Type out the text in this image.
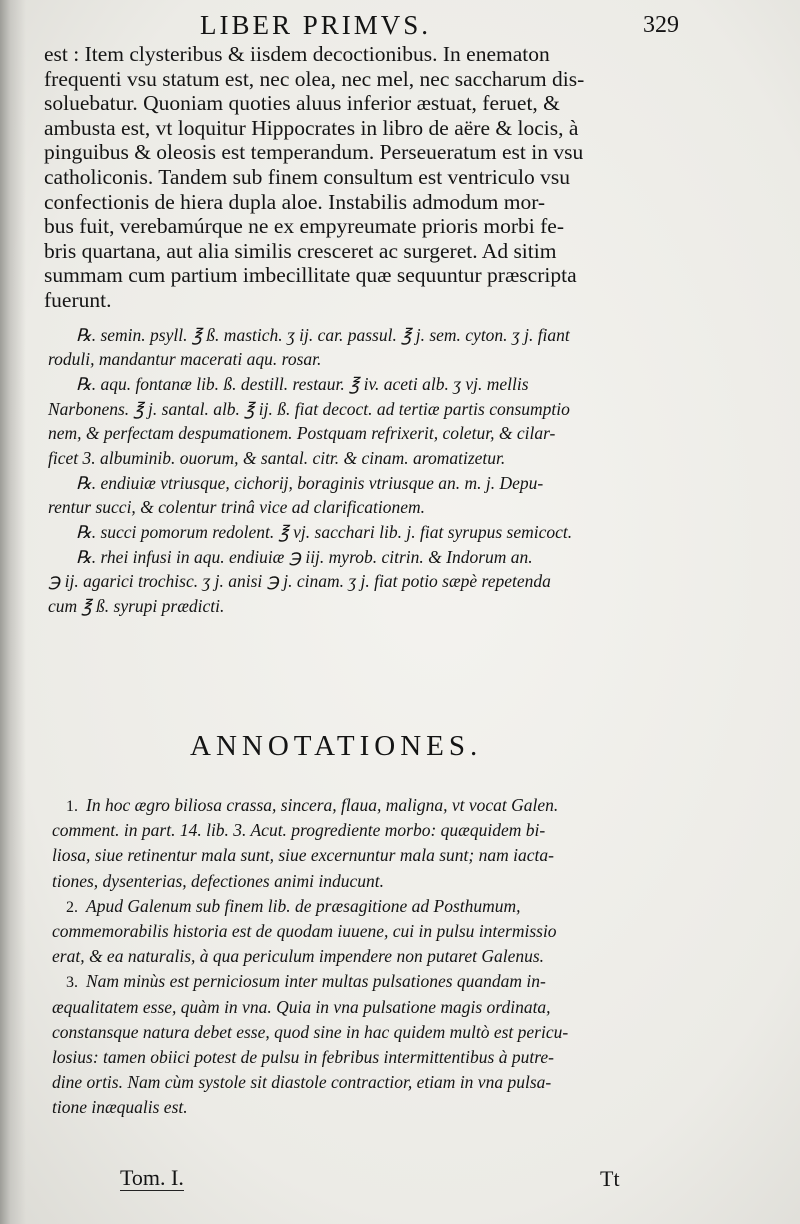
LIBER PRIMVS.	329
est : Item clysteribus & iisdem decoctionibus. In enematon
frequenti vsu statum est, nec olea, nec mel, nec saccharum dis-
soluebatur. Quoniam quoties aluus inferior æstuat, feruet, &
ambusta est, vt loquitur Hippocrates in libro de aëre & locis, à
pinguibus & oleosis est temperandum. Perseueratum est in vsu
catholiconis. Tandem sub finem consultum est ventriculo vsu
confectionis de hiera dupla aloe. Instabilis admodum mor-
bus fuit, verebamúrque ne ex empyreumate prioris morbi fe-
bris quartana, aut alia similis cresceret ac surgeret. Ad sitim
summam cum partium imbecillitate quæ sequuntur præscripta
fuerunt.
℞. semin. psyll. ℥ ß. mastich. ʒ ij. car. passul. ℥ j. sem. cyton. ʒ j. fiant
roduli, mandantur macerati aqu. rosar.
℞. aqu. fontanæ lib. ß. destill. restaur. ℥ iv. aceti alb. ʒ vj. mellis
Narbonens. ℥ j. santal. alb. ℥ ij. ß. fiat decoct. ad tertiæ partis consumptio
nem, & perfectam despumationem. Postquam refrixerit, coletur, & cilar-
ficet 3. albuminib. ouorum, & santal. citr. & cinam. aromatizetur.
℞. endiuiæ vtriusque, cichorij, boraginis vtriusque an. m. j. Depu-
rentur succi, & colentur trinâ vice ad clarificationem.
℞. succi pomorum redolent. ℥ vj. sacchari lib. j. fiat syrupus semicoct.
℞. rhei infusi in aqu. endiuiæ ℈ iij. myrob. citrin. & Indorum an.
℈ ij. agarici trochisc. ʒ j. anisi ℈ j. cinam. ʒ j. fiat potio sæpè repetenda
cum ℥ ß. syrupi prædicti.
ANNOTATIONES.
1. In hoc ægro biliosa crassa, sincera, flaua, maligna, vt vocat Galen.
comment. in part. 14. lib. 3. Acut. progrediente morbo: quæquidem bi-
liosa, siue retinentur mala sunt, siue excernuntur mala sunt; nam iacta-
tiones, dysenterias, defectiones animi inducunt.
2. Apud Galenum sub finem lib. de præsagitione ad Posthumum,
commemorabilis historia est de quodam iuuene, cui in pulsu intermissio
erat, & ea naturalis, à qua periculum impendere non putaret Galenus.
3. Nam minùs est perniciosum inter multas pulsationes quandam in-
æqualitatem esse, quàm in vna. Quia in vna pulsatione magis ordinata,
constansque natura debet esse, quod sine in hac quidem multò est pericu-
losius: tamen obiici potest de pulsu in febribus intermittentibus à putre-
dine ortis. Nam cùm systole sit diastole contractior, etiam in vna pulsa-
tione inæqualis est.
Tom. I.	Tt
